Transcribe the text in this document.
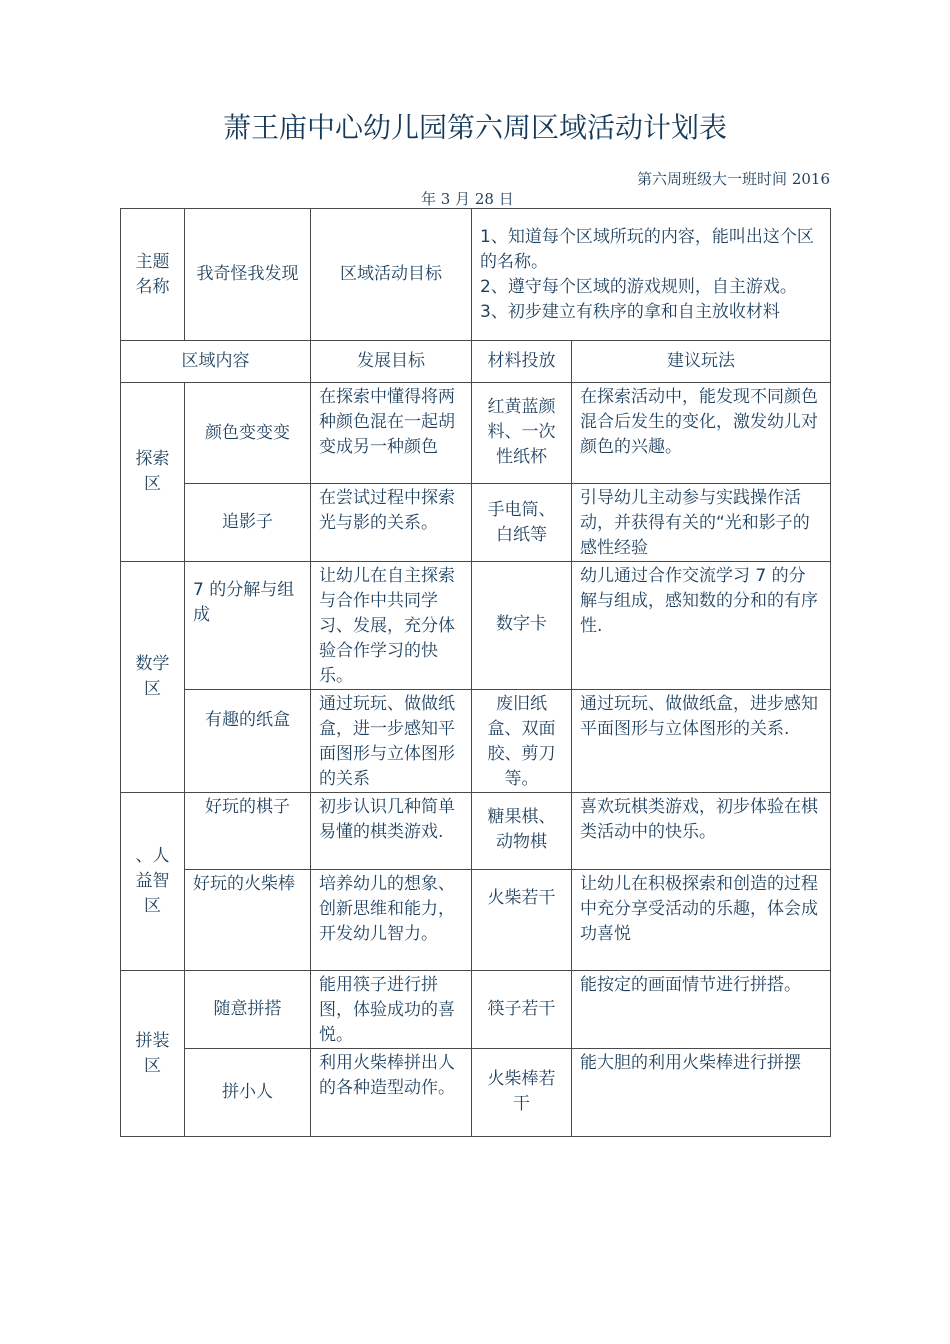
萧王庙中心幼儿园第六周区域活动计划表
第六周班级大一班时间 2016
年 3 月 28 日
主题名称	我奇怪我发现	区域活动目标	1、知道每个区域所玩的内容，能叫出这个区的名称。
2、遵守每个区域的游戏规则，自主游戏。
3、初步建立有秩序的拿和自主放收材料	

区域内容		发展目标	材料投放	建议玩法
探索区	颜色变变变	在探索中懂得将两种颜色混在一起胡变成另一种颜色	红黄蓝颜料、一次性纸杯	在探索活动中，能发现不同颜色混合后发生的变化，激发幼儿对颜色的兴趣。
	追影子	在尝试过程中探索光与影的关系。	手电筒、白纸等	引导幼儿主动参与实践操作活动，并获得有关的“光和影子的感性经验
数学区	7 的分解与组成	让幼儿在自主探索与合作中共同学习、发展，充分体验合作学习的快乐。	数字卡	幼儿通过合作交流学习 7 的分解与组成，感知数的分和的有序性.
	有趣的纸盒	通过玩玩、做做纸盒，进一步感知平面图形与立体图形的关系	废旧纸盒、双面胶、剪刀等。	通过玩玩、做做纸盒，进步感知平面图形与立体图形的关系.
、人益智区	好玩的棋子	初步认识几种简单易懂的棋类游戏.	糖果棋、动物棋	喜欢玩棋类游戏，初步体验在棋类活动中的快乐。
	好玩的火柴棒	培养幼儿的想象、创新思维和能力，开发幼儿智力。	火柴若干	让幼儿在积极探索和创造的过程中充分享受活动的乐趣，体会成功喜悦
拼装区	随意拼搭	能用筷子进行拼图，体验成功的喜悦。	筷子若干	能按定的画面情节进行拼搭。
	拼小人	利用火柴棒拼出人的各种造型动作。	火柴棒若干	能大胆的利用火柴棒进行拼摆
